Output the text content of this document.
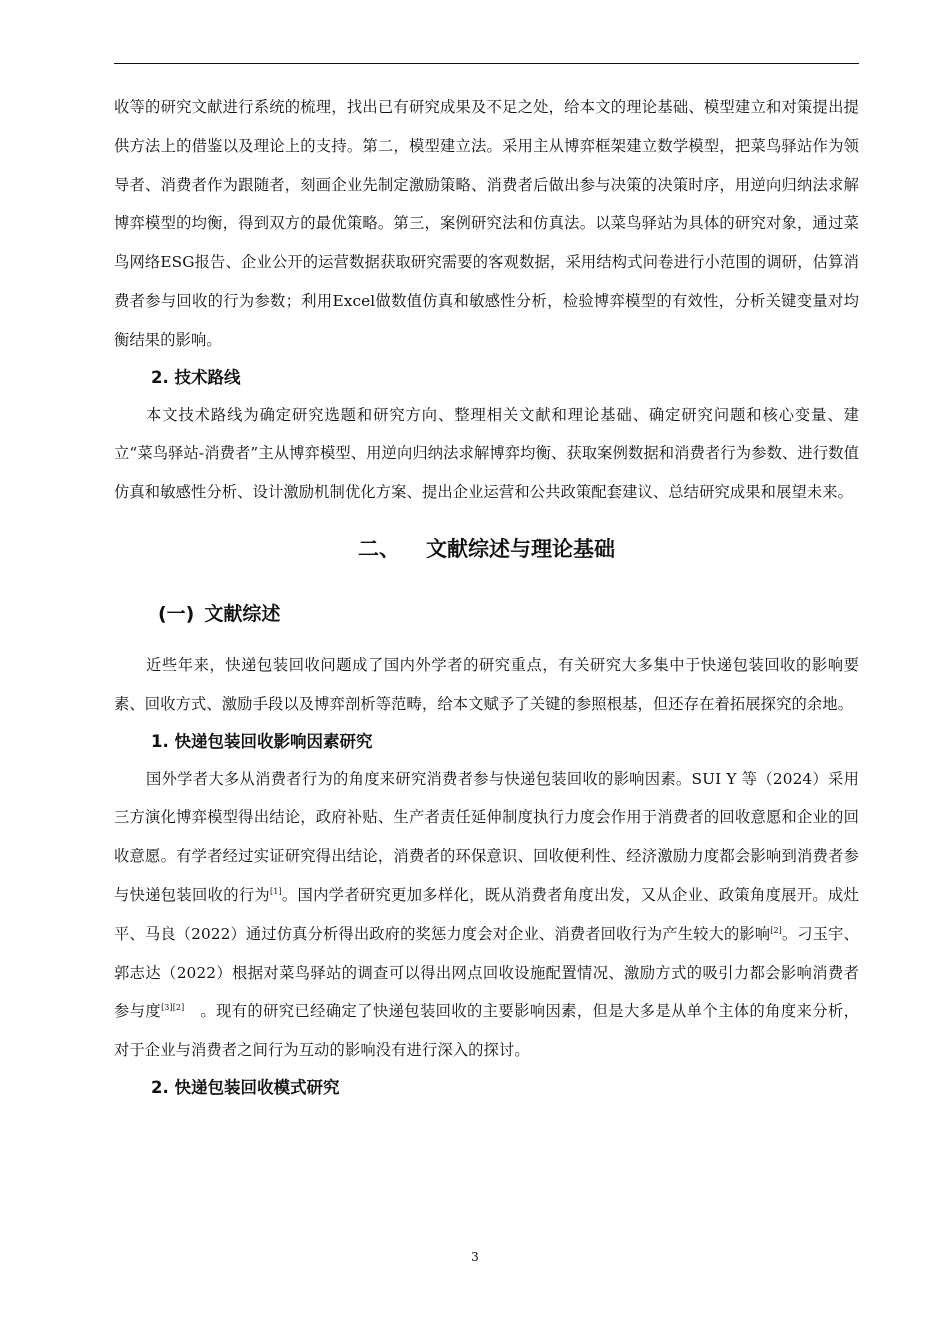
收等的研究文献进行系统的梳理，找出已有研究成果及不足之处，给本文的理论基础、模型建立和对策提出提供方法上的借鉴以及理论上的支持。第二，模型建立法。采用主从博弈框架建立数学模型，把菜鸟驿站作为领导者、消费者作为跟随者，刻画企业先制定激励策略、消费者后做出参与决策的决策时序，用逆向归纳法求解博弈模型的均衡，得到双方的最优策略。第三，案例研究法和仿真法。以菜鸟驿站为具体的研究对象，通过菜鸟网络ESG报告、企业公开的运营数据获取研究需要的客观数据，采用结构式问卷进行小范围的调研，估算消费者参与回收的行为参数；利用Excel做数值仿真和敏感性分析，检验博弈模型的有效性，分析关键变量对均衡结果的影响。

2. 技术路线

本文技术路线为确定研究选题和研究方向、整理相关文献和理论基础、确定研究问题和核心变量、建立“菜鸟驿站-消费者”主从博弈模型、用逆向归纳法求解博弈均衡、获取案例数据和消费者行为参数、进行数值仿真和敏感性分析、设计激励机制优化方案、提出企业运营和公共政策配套建议、总结研究成果和展望未来。

二、 文献综述与理论基础
(一) 文献综述

近些年来，快递包装回收问题成了国内外学者的研究重点，有关研究大多集中于快递包装回收的影响要素、回收方式、激励手段以及博弈剖析等范畴，给本文赋予了关键的参照根基，但还存在着拓展探究的余地。

1. 快递包装回收影响因素研究

国外学者大多从消费者行为的角度来研究消费者参与快递包装回收的影响因素。SUI Y 等（2024）采用三方演化博弈模型得出结论，政府补贴、生产者责任延伸制度执行力度会作用于消费者的回收意愿和企业的回收意愿。有学者经过实证研究得出结论，消费者的环保意识、回收便利性、经济激励力度都会影响到消费者参与快递包装回收的行为[1]。国内学者研究更加多样化，既从消费者角度出发，又从企业、政策角度展开。成灶平、马良（2022）通过仿真分析得出政府的奖惩力度会对企业、消费者回收行为产生较大的影响[2]。刁玉宇、郭志达（2022）根据对菜鸟驿站的调查可以得出网点回收设施配置情况、激励方式的吸引力都会影响消费者参与度[3][2]　。现有的研究已经确定了快递包装回收的主要影响因素，但是大多是从单个主体的角度来分析，对于企业与消费者之间行为互动的影响没有进行深入的探讨。

2. 快递包装回收模式研究
3
